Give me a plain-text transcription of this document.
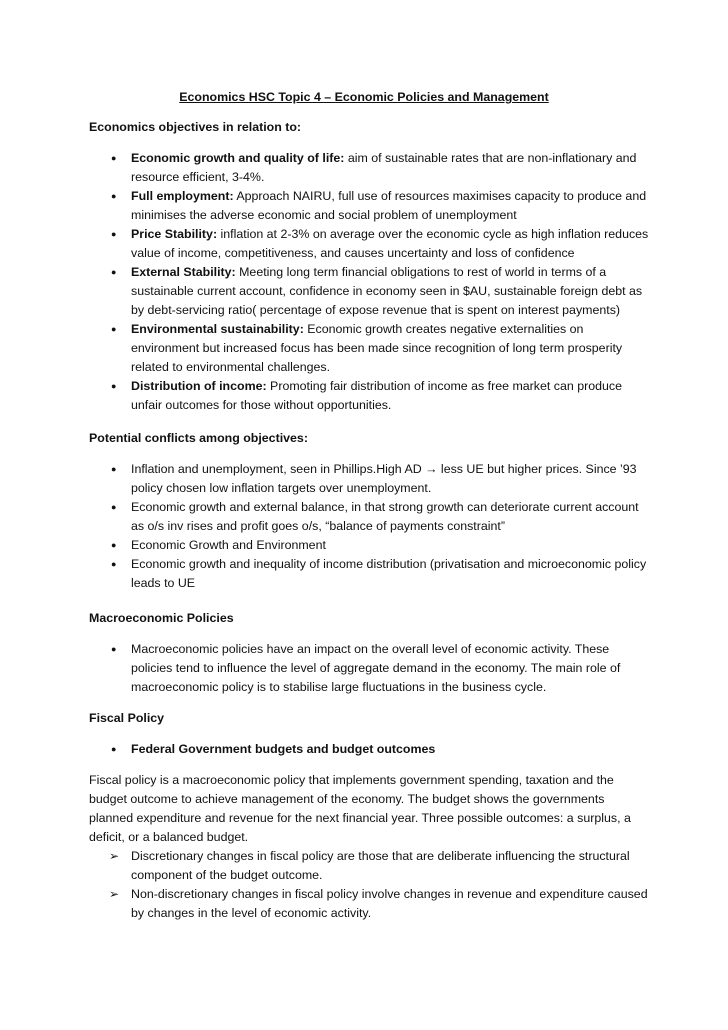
Economics HSC Topic 4 – Economic Policies and Management
Economics objectives in relation to:
● Economic growth and quality of life: aim of sustainable rates that are non-inflationary and resource efficient, 3-4%.
● Full employment: Approach NAIRU, full use of resources maximises capacity to produce and minimises the adverse economic and social problem of unemployment
● Price Stability: inflation at 2-3% on average over the economic cycle as high inflation reduces value of income, competitiveness, and causes uncertainty and loss of confidence
● External Stability: Meeting long term financial obligations to rest of world in terms of a sustainable current account, confidence in economy seen in $AU, sustainable foreign debt as by debt-servicing ratio( percentage of expose revenue that is spent on interest payments)
● Environmental sustainability: Economic growth creates negative externalities on environment but increased focus has been made since recognition of long term prosperity related to environmental challenges.
● Distribution of income: Promoting fair distribution of income as free market can produce unfair outcomes for those without opportunities.
Potential conflicts among objectives:
● Inflation and unemployment, seen in Phillips.High AD → less UE but higher prices. Since ’93 policy chosen low inflation targets over unemployment.
● Economic growth and external balance, in that strong growth can deteriorate current account as o/s inv rises and profit goes o/s, “balance of payments constraint”
● Economic Growth and Environment
● Economic growth and inequality of income distribution (privatisation and microeconomic policy leads to UE
Macroeconomic Policies
● Macroeconomic policies have an impact on the overall level of economic activity. These policies tend to influence the level of aggregate demand in the economy. The main role of macroeconomic policy is to stabilise large fluctuations in the business cycle.
Fiscal Policy
● Federal Government budgets and budget outcomes

Fiscal policy is a macroeconomic policy that implements government spending, taxation and the budget outcome to achieve management of the economy. The budget shows the governments planned expenditure and revenue for the next financial year. Three possible outcomes: a surplus, a deficit, or a balanced budget.

➢ Discretionary changes in fiscal policy are those that are deliberate influencing the structural component of the budget outcome.
➢ Non-discretionary changes in fiscal policy involve changes in revenue and expenditure caused by changes in the level of economic activity.
